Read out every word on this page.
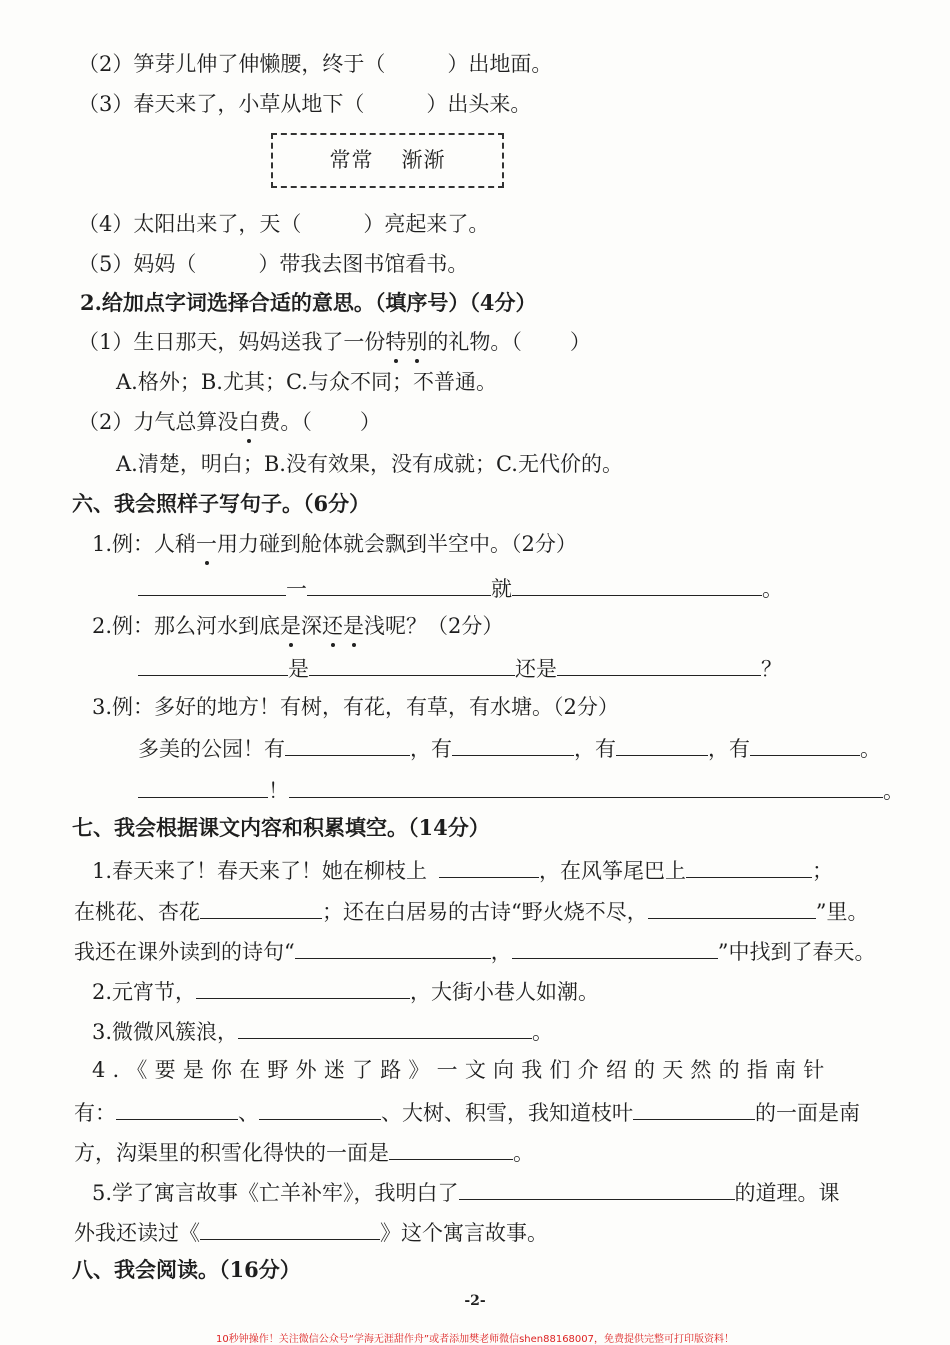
（2）笋芽儿伸了伸懒腰，终于（	）出地面。
（3）春天来了，小草从地下（	）出头来。
常常 渐渐
（4）太阳出来了，天（	）亮起来了。
（5）妈妈（	）带我去图书馆看书。
2.给加点字词选择合适的意思。（填序号）（4分）
（1）生日那天，妈妈送我了一份特别的礼物。（ ）
A.格外；B.尤其；C.与众不同；不普通。
（2）力气总算没白费。（ ）
A.清楚，明白；B.没有效果，没有成就；C.无代价的。
六、我会照样子写句子。（6分）
1.例：人稍一用力碰到舱体就会飘到半空中。（2分）
一	就	。
2.例：那么河水到底是深还是浅呢？（2分）
是	还是	？
3.例：多好的地方！有树，有花，有草，有水塘。（2分）
多美的公园！有	，有	，有	，有	。
！	。
七、我会根据课文内容和积累填空。（14分）
1.春天来了！春天来了！她在柳枝上	，在风筝尾巴上	；
在桃花、杏花	；还在白居易的古诗“野火烧不尽，	”里。
我还在课外读到的诗句“	，	”中找到了春天。
2.元宵节，	，大街小巷人如潮。
3.微微风簇浪，	。
4.《要是你在野外迷了路》一文向我们介绍的天然的指南针
有：	、	、大树、积雪，我知道枝叶	的一面是南
方，沟渠里的积雪化得快的一面是	。
5.学了寓言故事《亡羊补牢》，我明白了	的道理。课
外我还读过《	》这个寓言故事。
八、我会阅读。（16分）
-2-
10秒钟操作！关注微信公众号“学海无涯甜作舟”或者添加樊老师微信shen88168007，免费提供完整可打印版资料！
